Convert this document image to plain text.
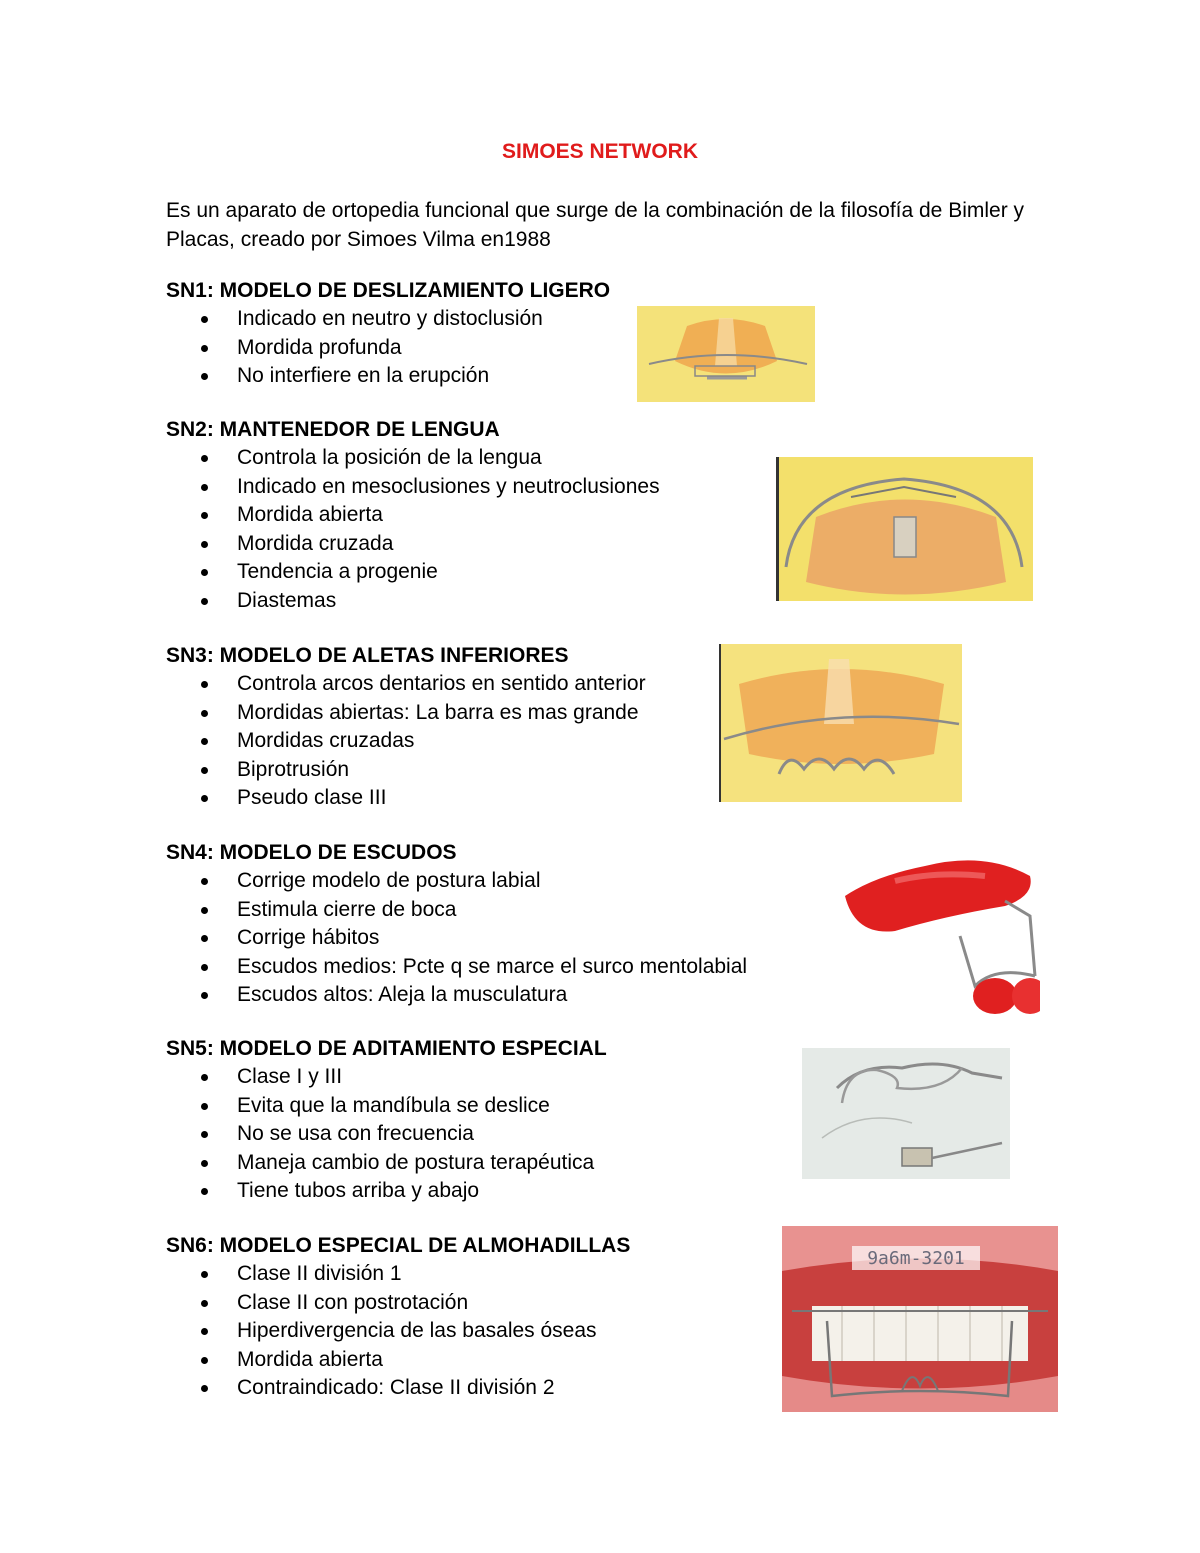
SIMOES NETWORK
Es un aparato de ortopedia funcional que surge de la combinación de la filosofía de Bimler y Placas, creado por Simoes Vilma en1988
SN1: MODELO DE DESLIZAMIENTO LIGERO
Indicado en neutro y distoclusión
Mordida profunda
No interfiere en la erupción
SN2: MANTENEDOR DE LENGUA
Controla la posición de la lengua
Indicado en mesoclusiones y neutroclusiones
Mordida abierta
Mordida cruzada
Tendencia a progenie
Diastemas
SN3: MODELO DE ALETAS INFERIORES
Controla arcos dentarios en sentido anterior
Mordidas abiertas: La barra es mas grande
Mordidas cruzadas
Biprotrusión
Pseudo clase III
SN4: MODELO DE ESCUDOS
Corrige modelo de postura labial
Estimula cierre de boca
Corrige hábitos
Escudos medios: Pcte q se marce el surco mentolabial
Escudos altos: Aleja la musculatura
SN5: MODELO DE ADITAMIENTO ESPECIAL
Clase I y III
Evita que la mandíbula se deslice
No se usa con frecuencia
Maneja cambio de postura terapéutica
Tiene tubos arriba y abajo
SN6: MODELO ESPECIAL DE ALMOHADILLAS
Clase II división 1
Clase II con postrotación
Hiperdivergencia de las basales óseas
Mordida abierta
Contraindicado: Clase II división 2
9a6m-3201
